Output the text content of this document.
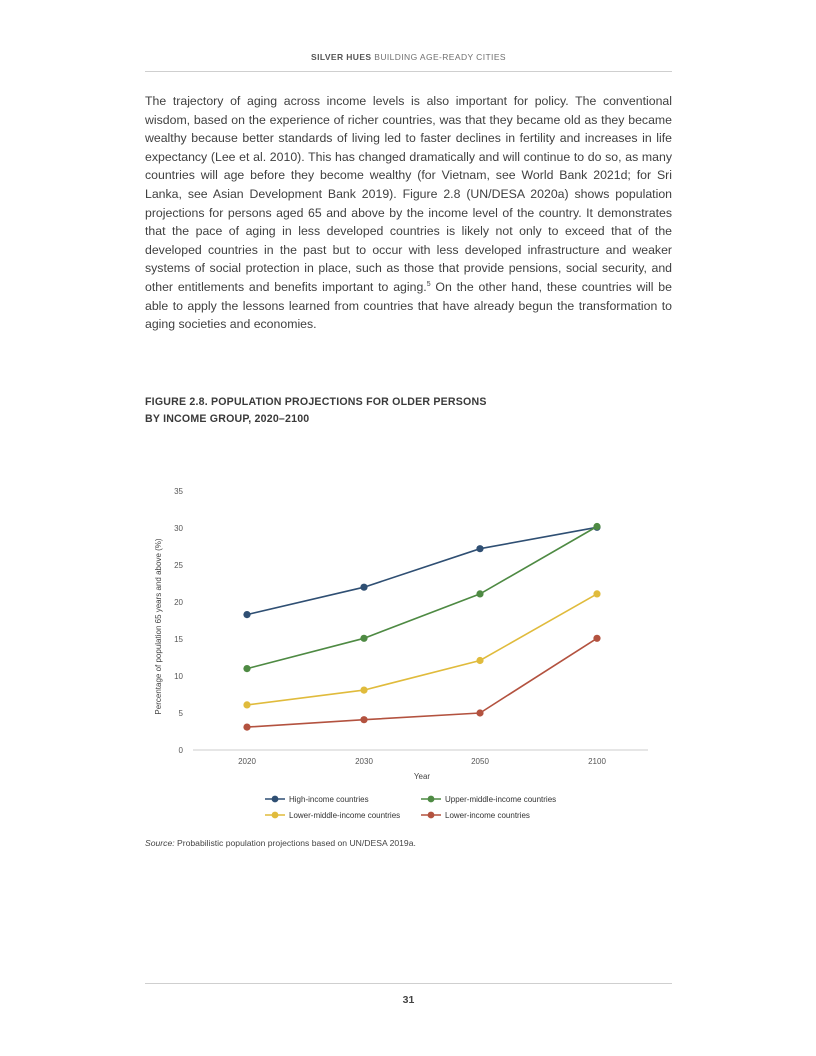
SILVER HUES BUILDING AGE-READY CITIES

The trajectory of aging across income levels is also important for policy. The conventional wisdom, based on the experience of richer countries, was that they became old as they became wealthy because better standards of living led to faster declines in fertility and increases in life expectancy (Lee et al. 2010). This has changed dramatically and will continue to do so, as many countries will age before they become wealthy (for Vietnam, see World Bank 2021d; for Sri Lanka, see Asian Development Bank 2019). Figure 2.8 (UN/DESA 2020a) shows population projections for persons aged 65 and above by the income level of the country. It demonstrates that the pace of aging in less developed countries is likely not only to exceed that of the developed countries in the past but to occur with less developed infrastructure and weaker systems of social protection in place, such as those that provide pensions, social security, and other entitlements and benefits important to aging.$^5$ On the other hand, these countries will be able to apply the lessons learned from countries that have already begun the transformation to aging societies and economies.

FIGURE 2.8. POPULATION PROJECTIONS FOR OLDER PERSONS
BY INCOME GROUP, 2020–2100
0
5
10
15
20
25
30
35
2020	2030	2050	2100
Year
Percentage of population 65 years and above (%)
High-income countries	Upper-middle-income countries
Lower-middle-income countries	Lower-income countries

Source: Probabilistic population projections based on UN/DESA 2019a.

31
